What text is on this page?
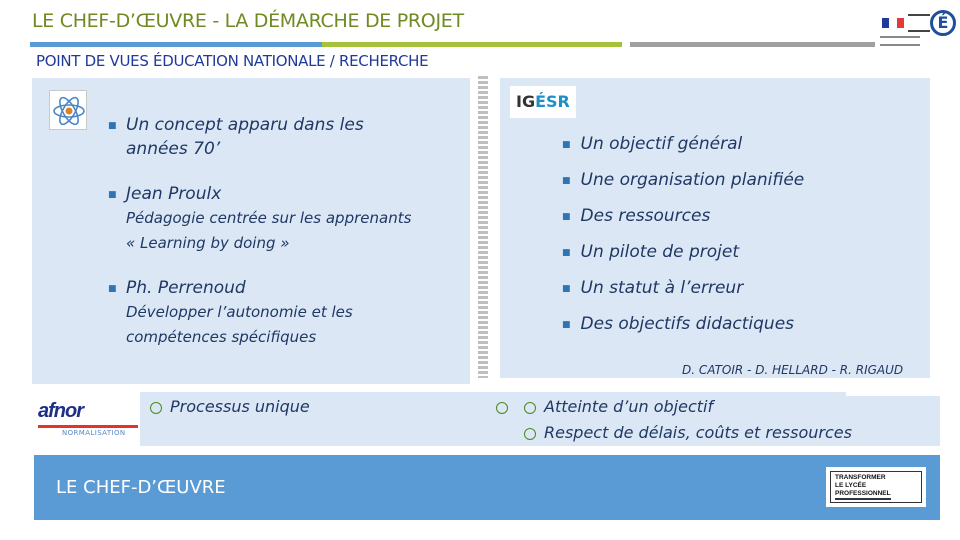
LE CHEF-D’ŒUVRE - LA DÉMARCHE DE PROJET
POINT DE VUES ÉDUCATION NATIONALE / RECHERCHE
É
■ Un concept apparu dans les
années 70’
■ Jean Proulx
Pédagogie centrée sur les apprenants
« Learning by doing »
■ Ph. Perrenoud
Développer l’autonomie et les
compétences spécifiques
IGÉSR
■ Un objectif général
■ Une organisation planifiée
■ Des ressources
■ Un pilote de projet
■ Un statut à l’erreur
■ Des objectifs didactiques
D. CATOIR - D. HELLARD - R. RIGAUD
afnor
NORMALISATION
Processus unique	Atteinte d’un objectif
Respect de délais, coûts et ressources
LE CHEF-D’ŒUVRE	TRANSFORMER
LE LYCÉE
PROFESSIONNEL
